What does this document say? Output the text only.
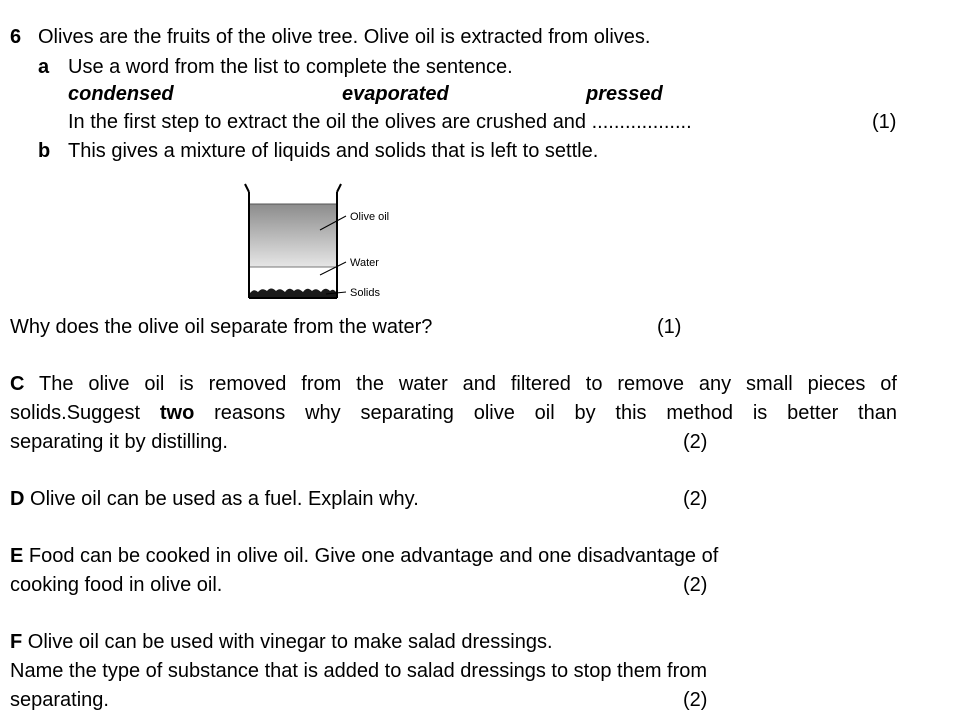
6 Olives are the fruits of the olive tree. Olive oil is extracted from olives.
a Use a word from the list to complete the sentence.
condensed	evaporated	pressed
In the first step to extract the oil the olives are crushed and ..................	(1)
b This gives a mixture of liquids and solids that is left to settle.
Olive oil
Water
Solids
Why does the olive oil separate from the water?	(1)
C The olive oil is removed from the water and filtered to remove any small pieces of
solids.Suggest two reasons why separating olive oil by this method is better than
separating it by distilling.	(2)
D Olive oil can be used as a fuel. Explain why.	(2)
E Food can be cooked in olive oil. Give one advantage and one disadvantage of
cooking food in olive oil.	(2)
F Olive oil can be used with vinegar to make salad dressings.
Name the type of substance that is added to salad dressings to stop them from
separating.	(2)
